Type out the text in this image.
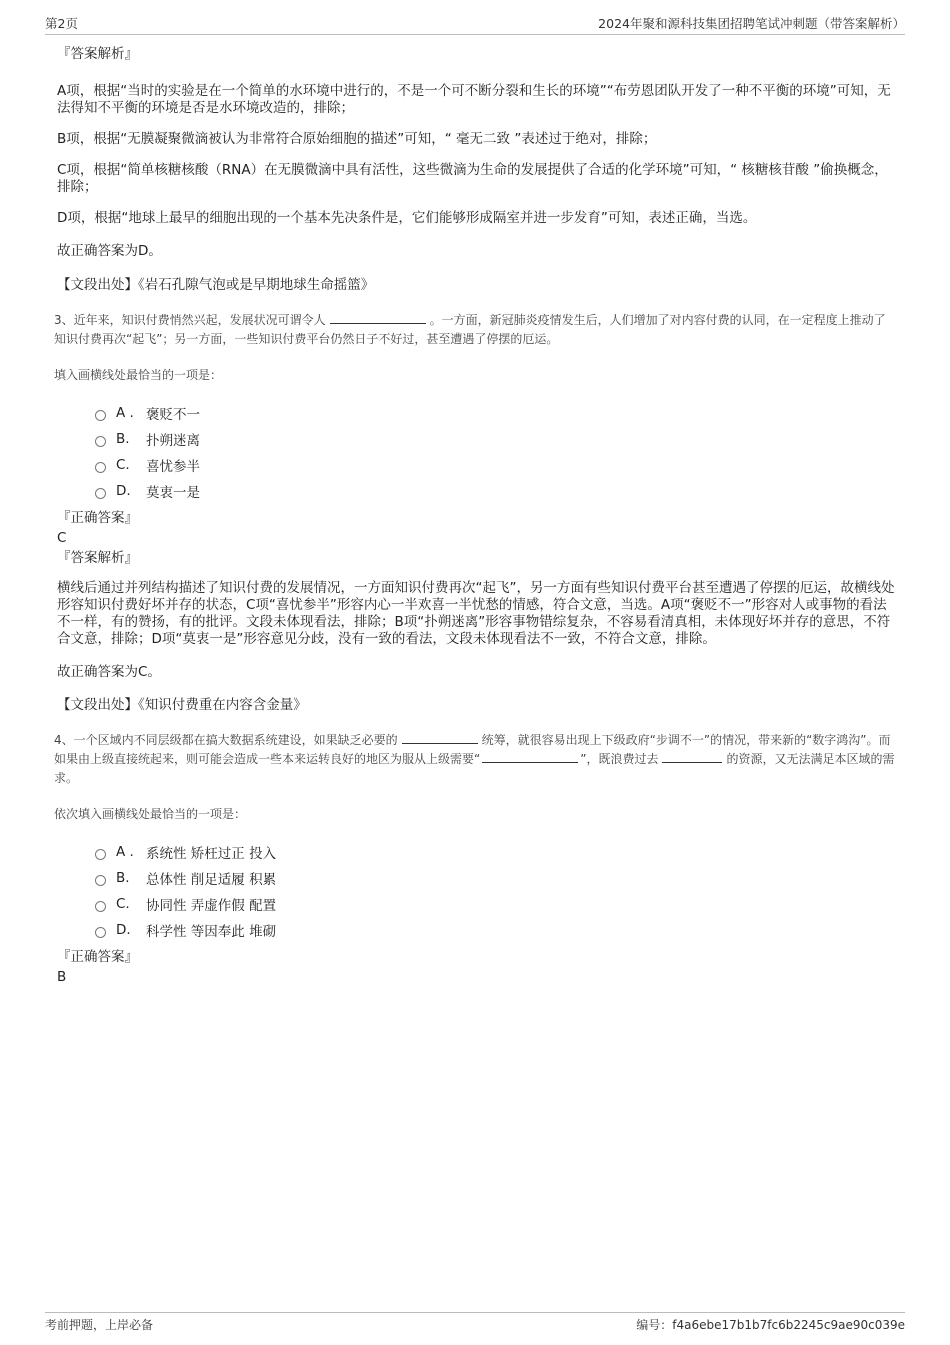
第2页	2024年聚和源科技集团招聘笔试冲刺题（带答案解析）

『答案解析』

A项，根据“当时的实验是在一个简单的水环境中进行的，不是一个可不断分裂和生长的环境”“布劳恩团队开发了一种不平衡的环境”可知，无法得知不平衡的环境是否是水环境改造的，排除；

B项，根据“无膜凝聚微滴被认为非常符合原始细胞的描述”可知，“ 毫无二致 ”表述过于绝对，排除；

C项，根据“简单核糖核酸（RNA）在无膜微滴中具有活性，这些微滴为生命的发展提供了合适的化学环境”可知，“ 核糖核苷酸 ”偷换概念，排除；

D项，根据“地球上最早的细胞出现的一个基本先决条件是，它们能够形成隔室并进一步发育”可知，表述正确，当选。

故正确答案为D。

【文段出处】《岩石孔隙气泡或是早期地球生命摇篮》

3、近年来，知识付费悄然兴起，发展状况可谓令人	。一方面，新冠肺炎疫情发生后，人们增加了对内容付费的认同，在一定程度上推动了知识付费再次“起飞”；另一方面，一些知识付费平台仍然日子不好过，甚至遭遇了停摆的厄运。
填入画横线处最恰当的一项是：
A . 褒贬不一
B.	扑朔迷离
C.	喜忧参半
D.	莫衷一是

『正确答案』

C

『答案解析』

横线后通过并列结构描述了知识付费的发展情况，一方面知识付费再次“起飞”，另一方面有些知识付费平台甚至遭遇了停摆的厄运，故横线处形容知识付费好坏并存的状态，C项“喜忧参半”形容内心一半欢喜一半忧愁的情感，符合文意，当选。A项“褒贬不一”形容对人或事物的看法不一样，有的赞扬，有的批评。文段未体现看法，排除；B项“扑朔迷离”形容事物错综复杂，不容易看清真相，未体现好坏并存的意思，不符合文意，排除；D项“莫衷一是”形容意见分歧，没有一致的看法，文段未体现看法不一致，不符合文意，排除。

故正确答案为C。

【文段出处】《知识付费重在内容含金量》

4、一个区域内不同层级都在搞大数据系统建设，如果缺乏必要的	统筹，就很容易出现上下级政府“步调不一”的情况，带来新的“数字鸿沟”。而如果由上级直接统起来，则可能会造成一些本来运转良好的地区为服从上级需要“	”，既浪费过去	的资源，又无法满足本区域的需求。
依次填入画横线处最恰当的一项是：
A . 系统性 矫枉过正 投入
B.	总体性 削足适履 积累
C.	协同性 弄虚作假 配置
D.	科学性 等因奉此 堆砌

『正确答案』

B

考前押题，上岸必备	编号：f4a6ebe17b1b7fc6b2245c9ae90c039e
